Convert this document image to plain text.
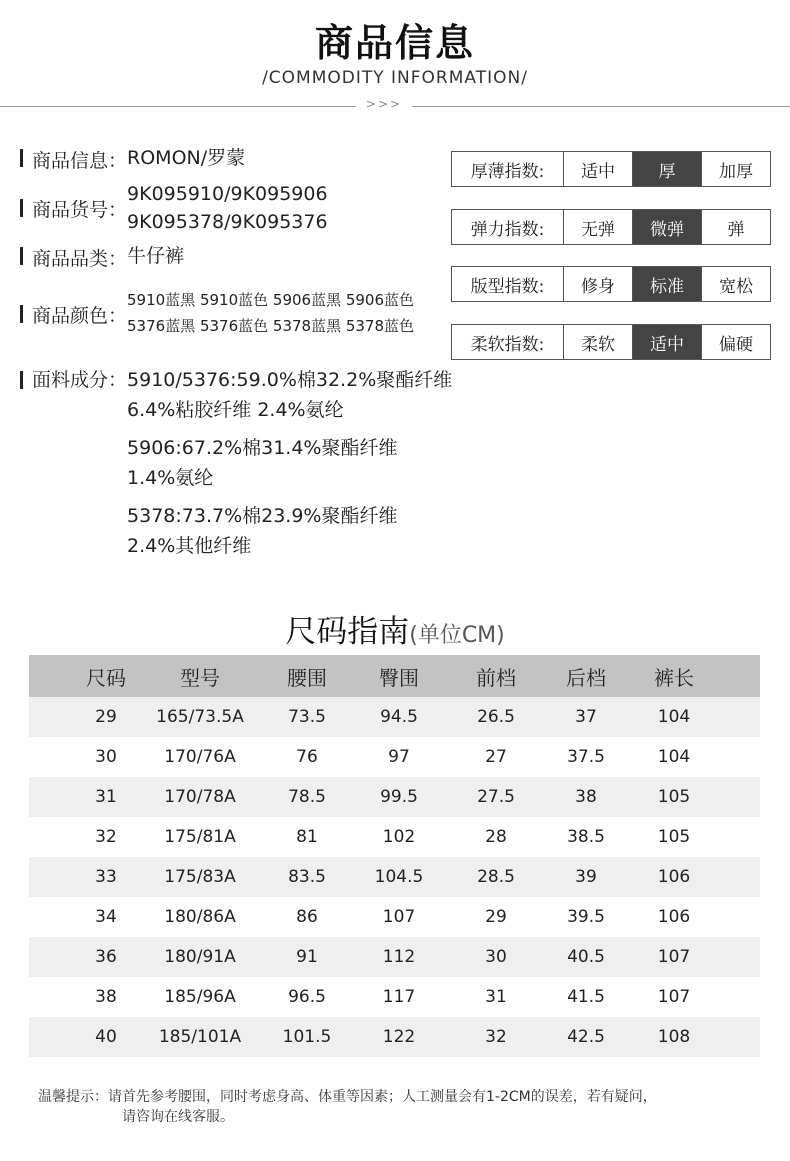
商品信息
/COMMODITY INFORMATION/
>>>
商品信息： ROMON/罗蒙
商品货号：
9K095910/9K095906
9K095378/9K095376
商品品类： 牛仔裤
商品颜色：
5910蓝黑 5910蓝色 5906蓝黑 5906蓝色
5376蓝黑 5376蓝色 5378蓝黑 5378蓝色
面料成分： 5910/5376:59.0%棉32.2%聚酯纤维
6.4%粘胶纤维 2.4%氨纶
5906:67.2%棉31.4%聚酯纤维
1.4%氨纶
5378:73.7%棉23.9%聚酯纤维
2.4%其他纤维
厚薄指数:	适中	厚	加厚
弹力指数:	无弹	微弹	弹
版型指数:	修身	标准	宽松
柔软指数:	柔软	适中	偏硬
尺码指南(单位CM)
尺码	型号	腰围	臀围	前档	后档	裤长
29	165/73.5A	73.5	94.5	26.5	37	104
30	170/76A	76	97	27	37.5	104
31	170/78A	78.5	99.5	27.5	38	105
32	175/81A	81	102	28	38.5	105
33	175/83A	83.5	104.5	28.5	39	106
34	180/86A	86	107	29	39.5	106
36	180/91A	91	112	30	40.5	107
38	185/96A	96.5	117	31	41.5	107
40	185/101A	101.5	122	32	42.5	108
温馨提示：请首先参考腰围，同时考虑身高、体重等因素；人工测量会有1-2CM的误差，若有疑问，
请咨询在线客服。
